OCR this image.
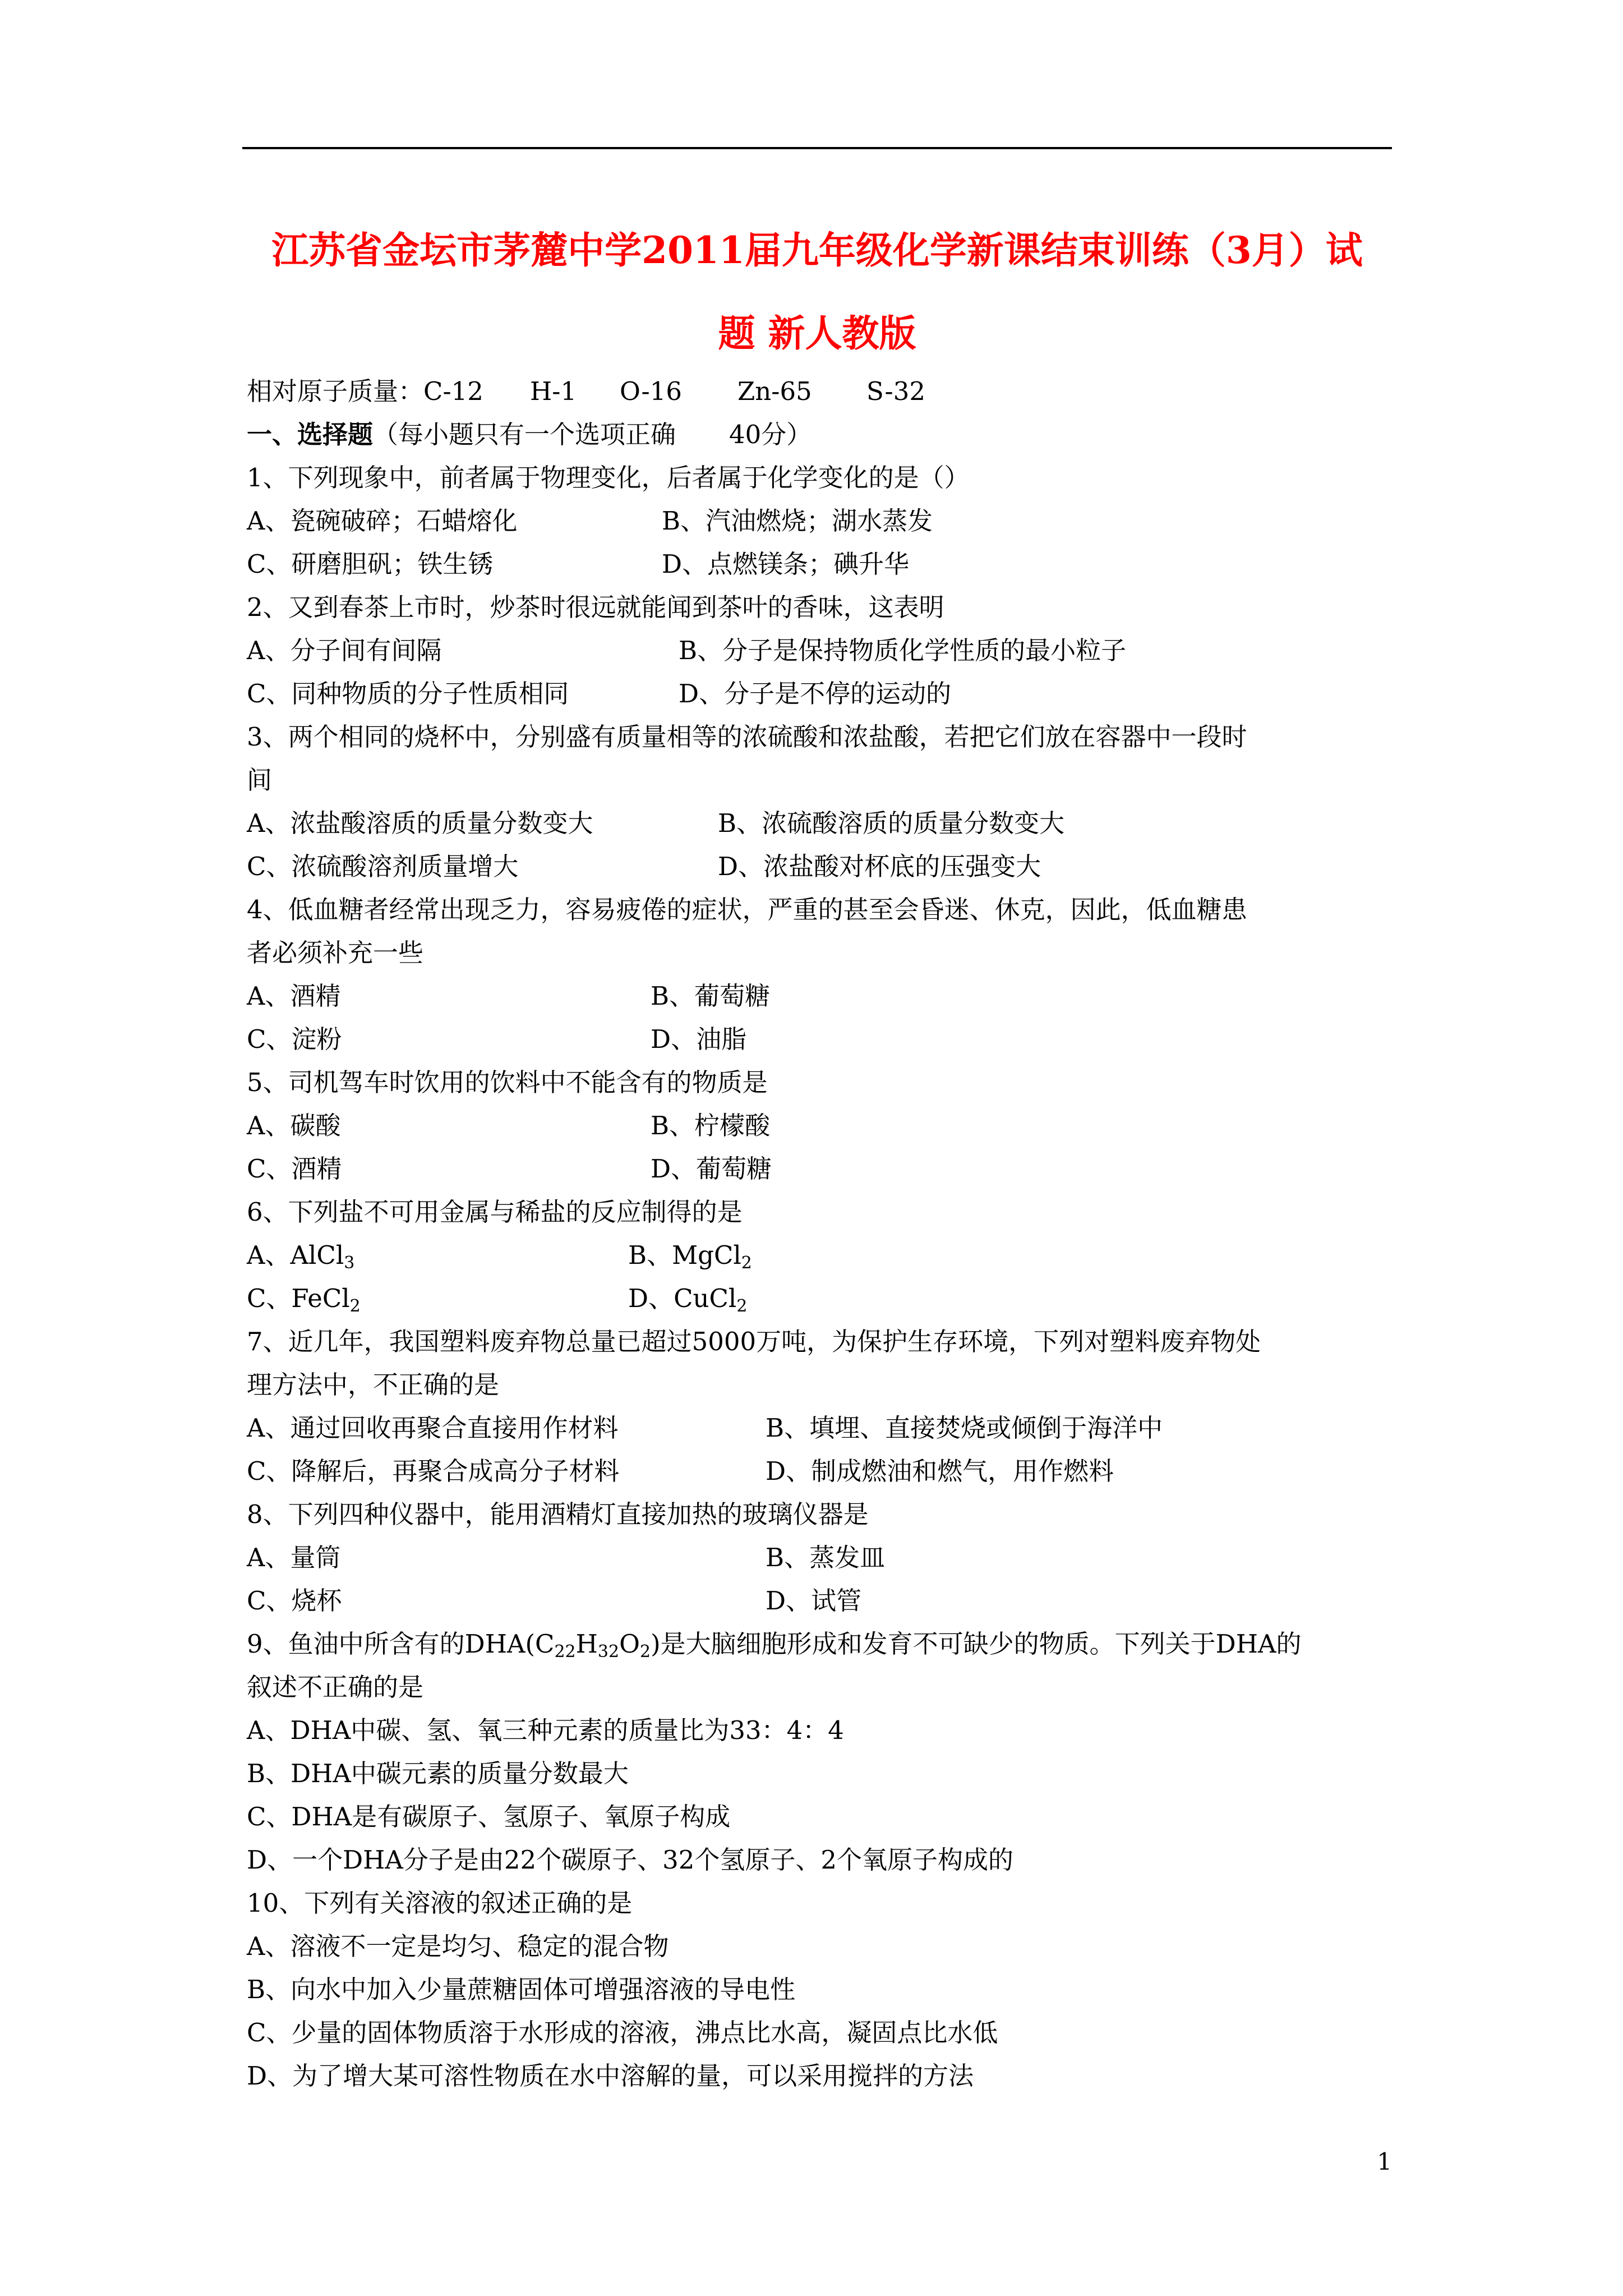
江苏省金坛市茅麓中学2011届九年级化学新课结束训练（3月）试
题 新人教版
相对原子质量：C-12 H-1 O-16 Zn-65 S-32
一、选择题（每小题只有一个选项正确 40分）
1、下列现象中，前者属于物理变化，后者属于化学变化的是（）
A、瓷碗破碎；石蜡熔化	B、汽油燃烧；湖水蒸发
C、研磨胆矾；铁生锈	D、点燃镁条；碘升华
2、又到春茶上市时，炒茶时很远就能闻到茶叶的香味，这表明
A、分子间有间隔	B、分子是保持物质化学性质的最小粒子
C、同种物质的分子性质相同	D、分子是不停的运动的
3、两个相同的烧杯中，分别盛有质量相等的浓硫酸和浓盐酸，若把它们放在容器中一段时
间
A、浓盐酸溶质的质量分数变大	B、浓硫酸溶质的质量分数变大
C、浓硫酸溶剂质量增大	D、浓盐酸对杯底的压强变大
4、低血糖者经常出现乏力，容易疲倦的症状，严重的甚至会昏迷、休克，因此，低血糖患
者必须补充一些
A、酒精	B、葡萄糖
C、淀粉	D、油脂
5、司机驾车时饮用的饮料中不能含有的物质是
A、碳酸	B、柠檬酸
C、酒精	D、葡萄糖
6、下列盐不可用金属与稀盐的反应制得的是
A、AlCl$_3$	B、MgCl$_2$
C、FeCl$_2$	D、CuCl$_2$
7、近几年，我国塑料废弃物总量已超过5000万吨，为保护生存环境，下列对塑料废弃物处
理方法中，不正确的是
A、通过回收再聚合直接用作材料	B、填埋、直接焚烧或倾倒于海洋中
C、降解后，再聚合成高分子材料	D、制成燃油和燃气，用作燃料
8、下列四种仪器中，能用酒精灯直接加热的玻璃仪器是
A、量筒	B、蒸发皿
C、烧杯	D、试管
9、鱼油中所含有的$DHA(C_{22}H_{32}O_2)$是大脑细胞形成和发育不可缺少的物质。下列关于DHA的
叙述不正确的是
A、DHA中碳、氢、氧三种元素的质量比为33：4：4
B、DHA中碳元素的质量分数最大
C、DHA是有碳原子、氢原子、氧原子构成
D、一个DHA分子是由22个碳原子、32个氢原子、2个氧原子构成的
10、下列有关溶液的叙述正确的是
A、溶液不一定是均匀、稳定的混合物
B、向水中加入少量蔗糖固体可增强溶液的导电性
C、少量的固体物质溶于水形成的溶液，沸点比水高，凝固点比水低
D、为了增大某可溶性物质在水中溶解的量，可以采用搅拌的方法
1
